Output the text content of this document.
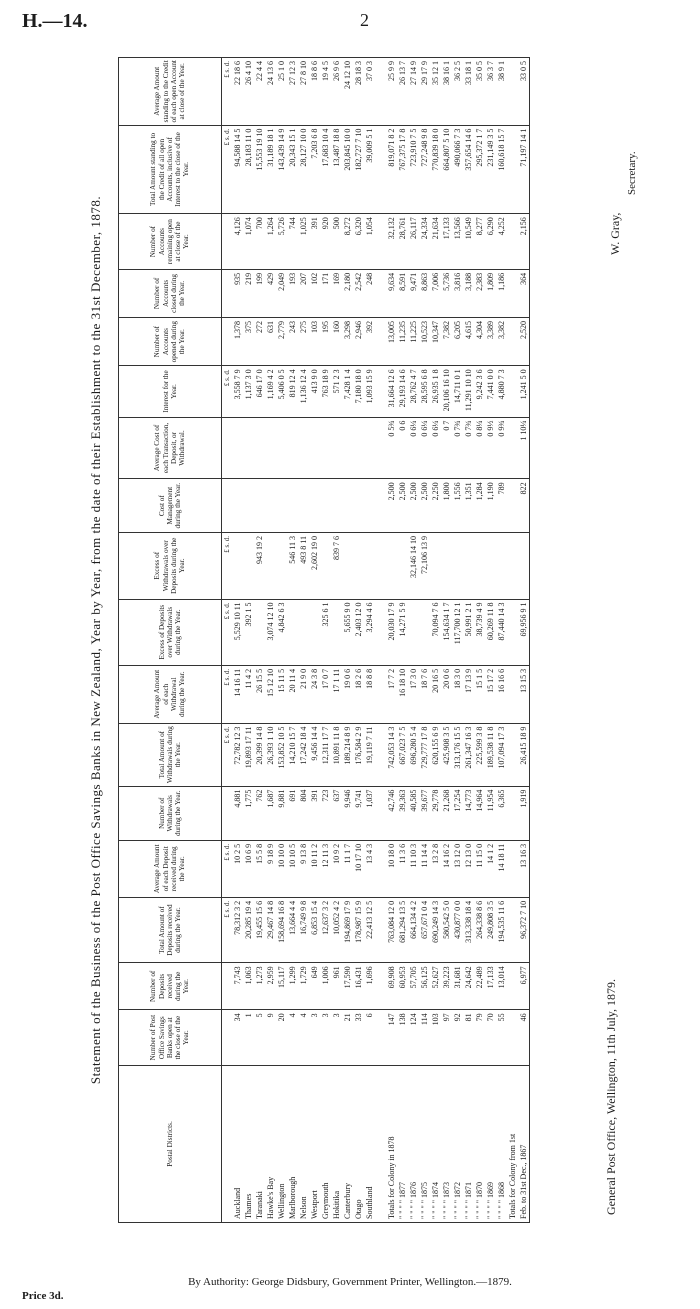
H.—14.	2
Statement of the Business of the Post Office Savings Banks in New Zealand, Year by Year, from the date of their Establishment to the 31st December, 1878.
Postal Districts.	Number of Post Office Savings Banks open at the close of the Year.	Number of Deposits received during the Year.	Total Amount of Deposits received during the Year.	Average Amount of each Deposit received during the Year.	Number of Withdrawals during the Year.	Total Amount of Withdrawals during the Year.	Average Amount of each Withdrawal during the Year.	Excess of Deposits over Withdrawals during the Year.	Excess of Withdrawals over Deposits during the Year.	Cost of Management during the Year.	Average Cost of each Transaction, Deposit, or Withdrawal.	Interest for the Year.	Number of Accounts opened during the Year.	Number of Accounts closed during the Year.	Number of Accounts remaining open at close of the Year.	Total Amount standing to the Credit of all open Accounts, inclusive of Interest to the close of the Year.	Average Amount standing to the Credit of each open Account at close of the Year.
			£ s. d.	£ s. d.		£ s. d.	£ s. d.	£ s. d.	£ s. d.			£ s. d.				£ s. d.	£ s. d.
Auckland	34	7,743	78,312 3 2	10 2 5	4,881	72,782 12 3	14 16 11	5,529 10 11				3,558 7 9	1,378	935	4,126	94,588 14 5	22 18 6
Thames	1	1,063	20,285 19 4	10 6 9	1,775	19,893 17 11	11 4 2	392 1 5				1,137 3 0	375	219	1,074	28,183 11 0	26 4 10
Taranaki	5	1,273	19,455 15 6	15 5 8	762	20,399 14 8	26 15 5		943 19 2			646 17 0	272	199	700	15,553 19 10	22 4 4
Hawke's Bay	9	2,959	29,467 14 8	9 18 9	1,687	26,393 1 10	15 12 10	3,074 12 10				1,169 4 2	631	429	1,264	31,189 18 1	24 13 6
Wellington	20	15,117	158,694 16 8	10 10 0	9,881	153,852 10 5	15 11 5	4,842 6 3				5,406 0 5	2,779	2,049	5,726	143,439 14 9	25 1 0
Marlborough	4	1,299	13,664 4 4	10 10 5	691	14,210 15 7	20 11 4		546 11 3			819 12 4	243	193	744	20,343 15 1	27 12 3
Nelson	4	1,729	16,749 9 8	9 13 8	804	17,242 18 4	21 9 0		493 8 11			1,136 12 4	275	207	1,025	28,127 10 0	27 8 10
Westport	3	649	6,853 15 4	10 11 2	391	9,456 14 4	24 3 8		2,602 19 0			413 9 0	103	102	391	7,203 6 8	18 8 6
Greymouth	3	1,006	12,637 3 2	12 11 3	723	12,311 17 7	17 0 7	325 6 1				763 18 9	195	171	920	17,683 10 4	19 4 5
Hokitika	3	961	10,052 4 2	10 9 2	637	10,891 11 8	17 1 11		839 7 6			571 2 3	160	169	500	13,487 18 8	26 9 6
Canterbury	21	17,590	194,869 17 9	11 1 7	9,946	189,214 8 9	19 0 6	5,655 9 0				7,428 1 4	3,298	2,180	8,272	203,845 10 0	24 12 10
Otago	33	16,431	178,987 15 9	10 17 10	9,741	176,584 2 9	18 2 6	2,403 12 0				7,180 18 0	2,946	2,542	6,320	182,727 7 10	28 18 3
Southland	6	1,696	22,413 12 5	13 4 3	1,037	19,119 7 11	18 8 8	3,294 4 6				1,093 15 9	392	248	1,054	39,009 5 1	37 0 3

Totals for Colony in 1878	147	69,908	763,084 12 0	10 18 0	42,746	742,053 14 3	17 7 2	20,030 17 9		2,500	0 5¾	31,664 12 6	13,005	9,634	32,132	819,071 8 2	25 9 9
" " " " 1877	138	60,953	681,294 13 5	11 3 6	39,363	667,023 7 5	16 18 10	14,271 5 9		2,500	0 6	29,193 14 6	11,235	8,591	28,761	767,375 17 8	26 13 7
" " " " 1876	124	57,705	664,134 4 2	11 10 3	40,585	696,280 5 4	17 3 0		32,146 14 10	2,500	0 6¼	28,762 4 7	11,225	9,471	26,117	723,910 7 5	27 14 9
" " " " 1875	114	56,125	657,671 0 4	11 14 4	39,677	729,777 17 8	18 7 6		72,106 13 9	2,500	0 6¼	28,595 6 8	10,523	8,863	24,334	727,248 9 8	29 17 9
" " " " 1874	103	52,627	690,249 14 3	13 2 8	29,778	620,155 6 9	20 16 5	70,094 7 6		2,250	0 6¼	26,935 1 8	10,347	7,006	21,634	770,839 18 0	35 12 1
" " " " 1873	97	39,223	580,542 5 0	14 16 2	21,268	425,908 3 5	20 0 6	154,634 1 7		1,800	0 7	20,106 16 10	7,382	5,736	17,133	664,807 5 10	38 16 1
" " " " 1872	92	31,681	430,877 0 0	13 12 0	17,254	313,176 15 5	18 3 0	117,700 12 1		1,556	0 7¾	14,711 0 1	6,205	3,816	13,566	490,066 7 3	36 2 5
" " " " 1871	81	24,642	313,338 18 4	12 13 0	14,773	261,347 16 3	17 13 9	50,991 2 1		1,351	0 7¾	11,291 10 10	4,615	3,188	10,549	357,654 14 6	33 18 1
" " " " 1870	79	22,489	264,338 8 6	11 15 0	14,964	225,599 3 8	15 1 5	38,739 4 9		1,284	0 8¼	9,242 3 6	4,304	2,383	8,277	295,372 1 7	35 0 5
" " " " 1869	70	17,133	249,808 3 5	14 1 2	11,954	189,538 11 8	15 17 2	60,269 11 8		1,190	0 9½	7,441 0 0	3,389	1,809	6,290	231,149 3 5	36 3 7
" " " " 1868	55	13,014	194,535 11 6	14 18 11	6,365	107,094 17 3	16 16 6	87,440 14 3		789	0 9¾	4,880 7 3	3,382	1,186	4,252	160,618 15 7	38 9 1
Totals for Colony from 1st																	
Feb. to 31st Dec., 1867	46	6,977	96,372 7 10	13 16 3	1,919	26,415 18 9	13 15 3	69,956 9 1		822	1 10¼	1,241 5 0	2,520	364	2,156	71,197 14 1	33 0 5
General Post Office, Wellington, 11th July, 1879.
W. Gray,
Secretary.
By Authority: George Didsbury, Government Printer, Wellington.—1879.
Price 3d.
